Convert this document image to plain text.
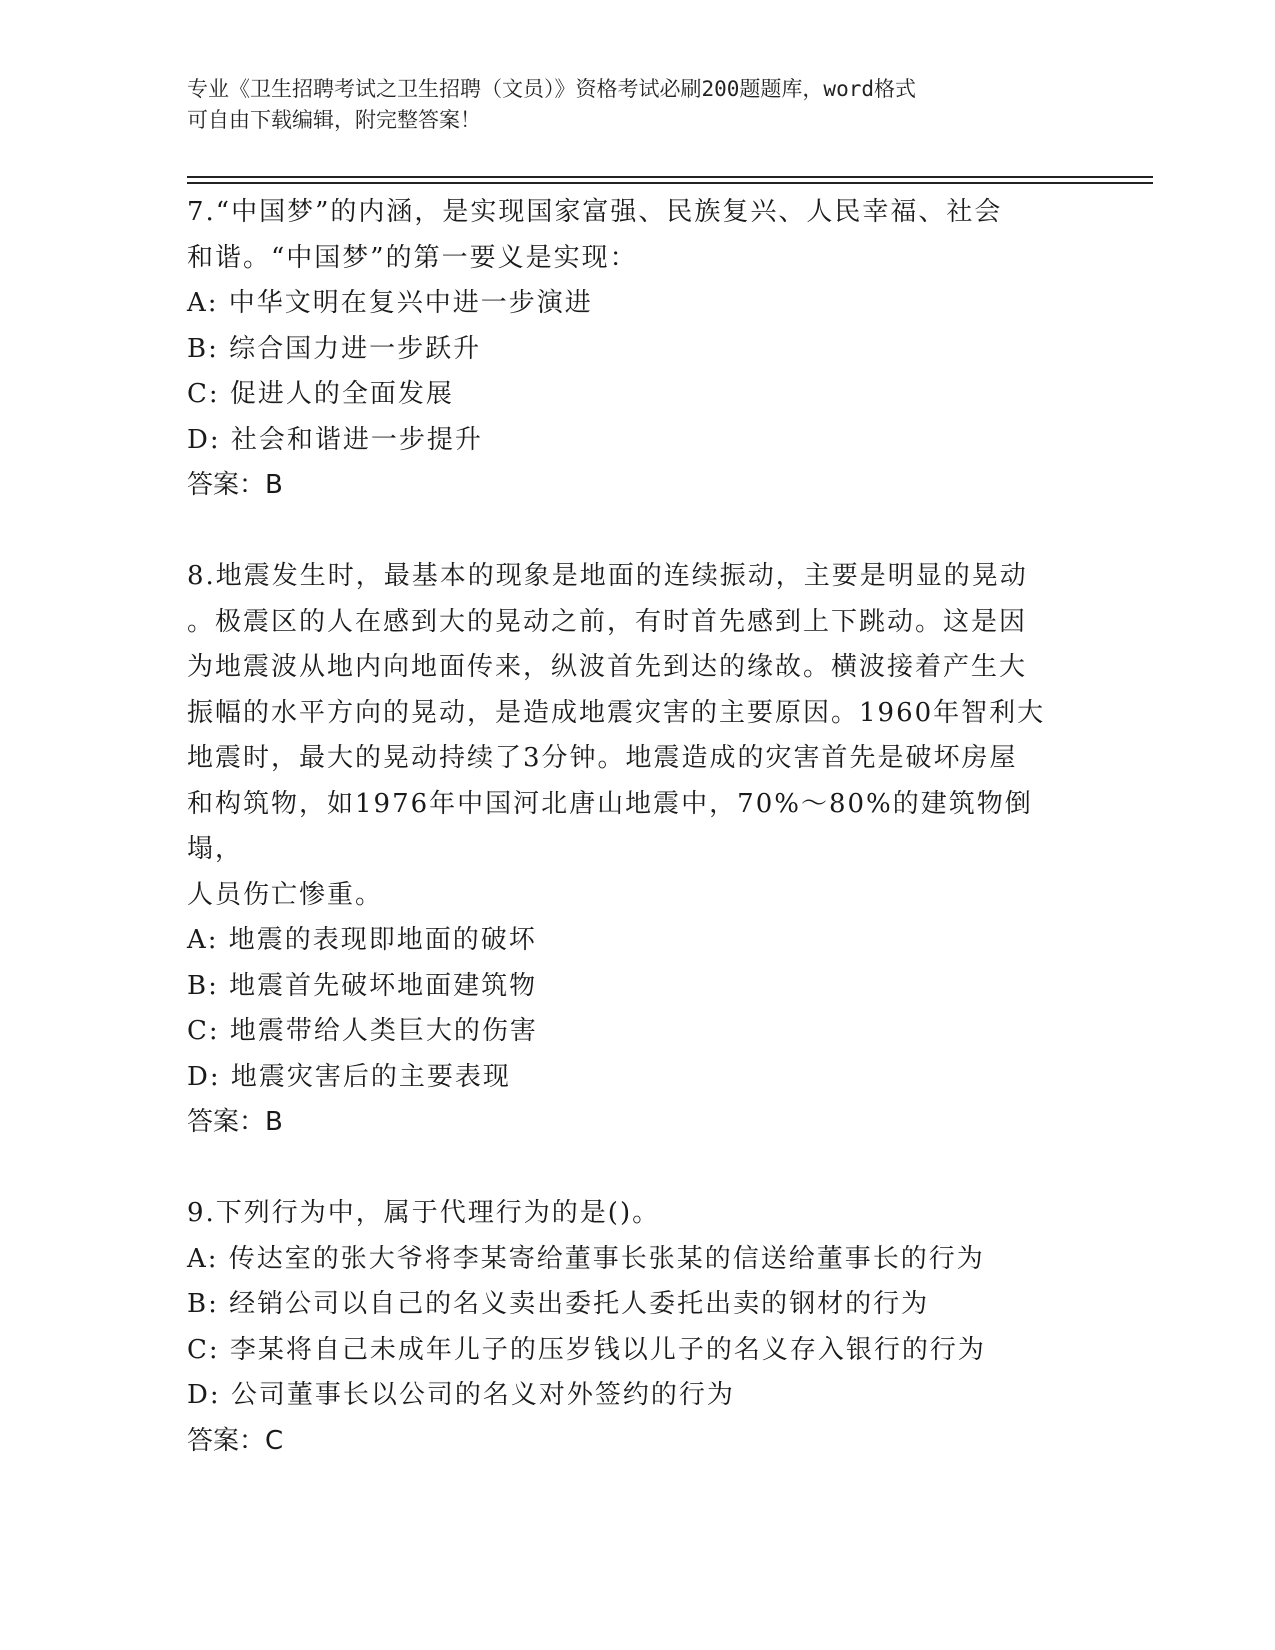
专业《卫生招聘考试之卫生招聘（文员）》资格考试必刷200题题库，word格式
可自由下载编辑，附完整答案！

7.“中国梦”的内涵，是实现国家富强、民族复兴、人民幸福、社会
和谐。“中国梦”的第一要义是实现：

A: 中华文明在复兴中进一步演进

B: 综合国力进一步跃升

C: 促进人的全面发展

D: 社会和谐进一步提升

答案：B

8.地震发生时，最基本的现象是地面的连续振动，主要是明显的晃动
。极震区的人在感到大的晃动之前，有时首先感到上下跳动。这是因
为地震波从地内向地面传来，纵波首先到达的缘故。横波接着产生大
振幅的水平方向的晃动，是造成地震灾害的主要原因。1960年智利大
地震时，最大的晃动持续了3分钟。地震造成的灾害首先是破坏房屋
和构筑物，如1976年中国河北唐山地震中，70%～80%的建筑物倒塌，
人员伤亡惨重。

A: 地震的表现即地面的破坏

B: 地震首先破坏地面建筑物

C: 地震带给人类巨大的伤害

D: 地震灾害后的主要表现

答案：B

9.下列行为中，属于代理行为的是()。

A: 传达室的张大爷将李某寄给董事长张某的信送给董事长的行为

B: 经销公司以自己的名义卖出委托人委托出卖的钢材的行为

C: 李某将自己未成年儿子的压岁钱以儿子的名义存入银行的行为

D: 公司董事长以公司的名义对外签约的行为

答案：C
